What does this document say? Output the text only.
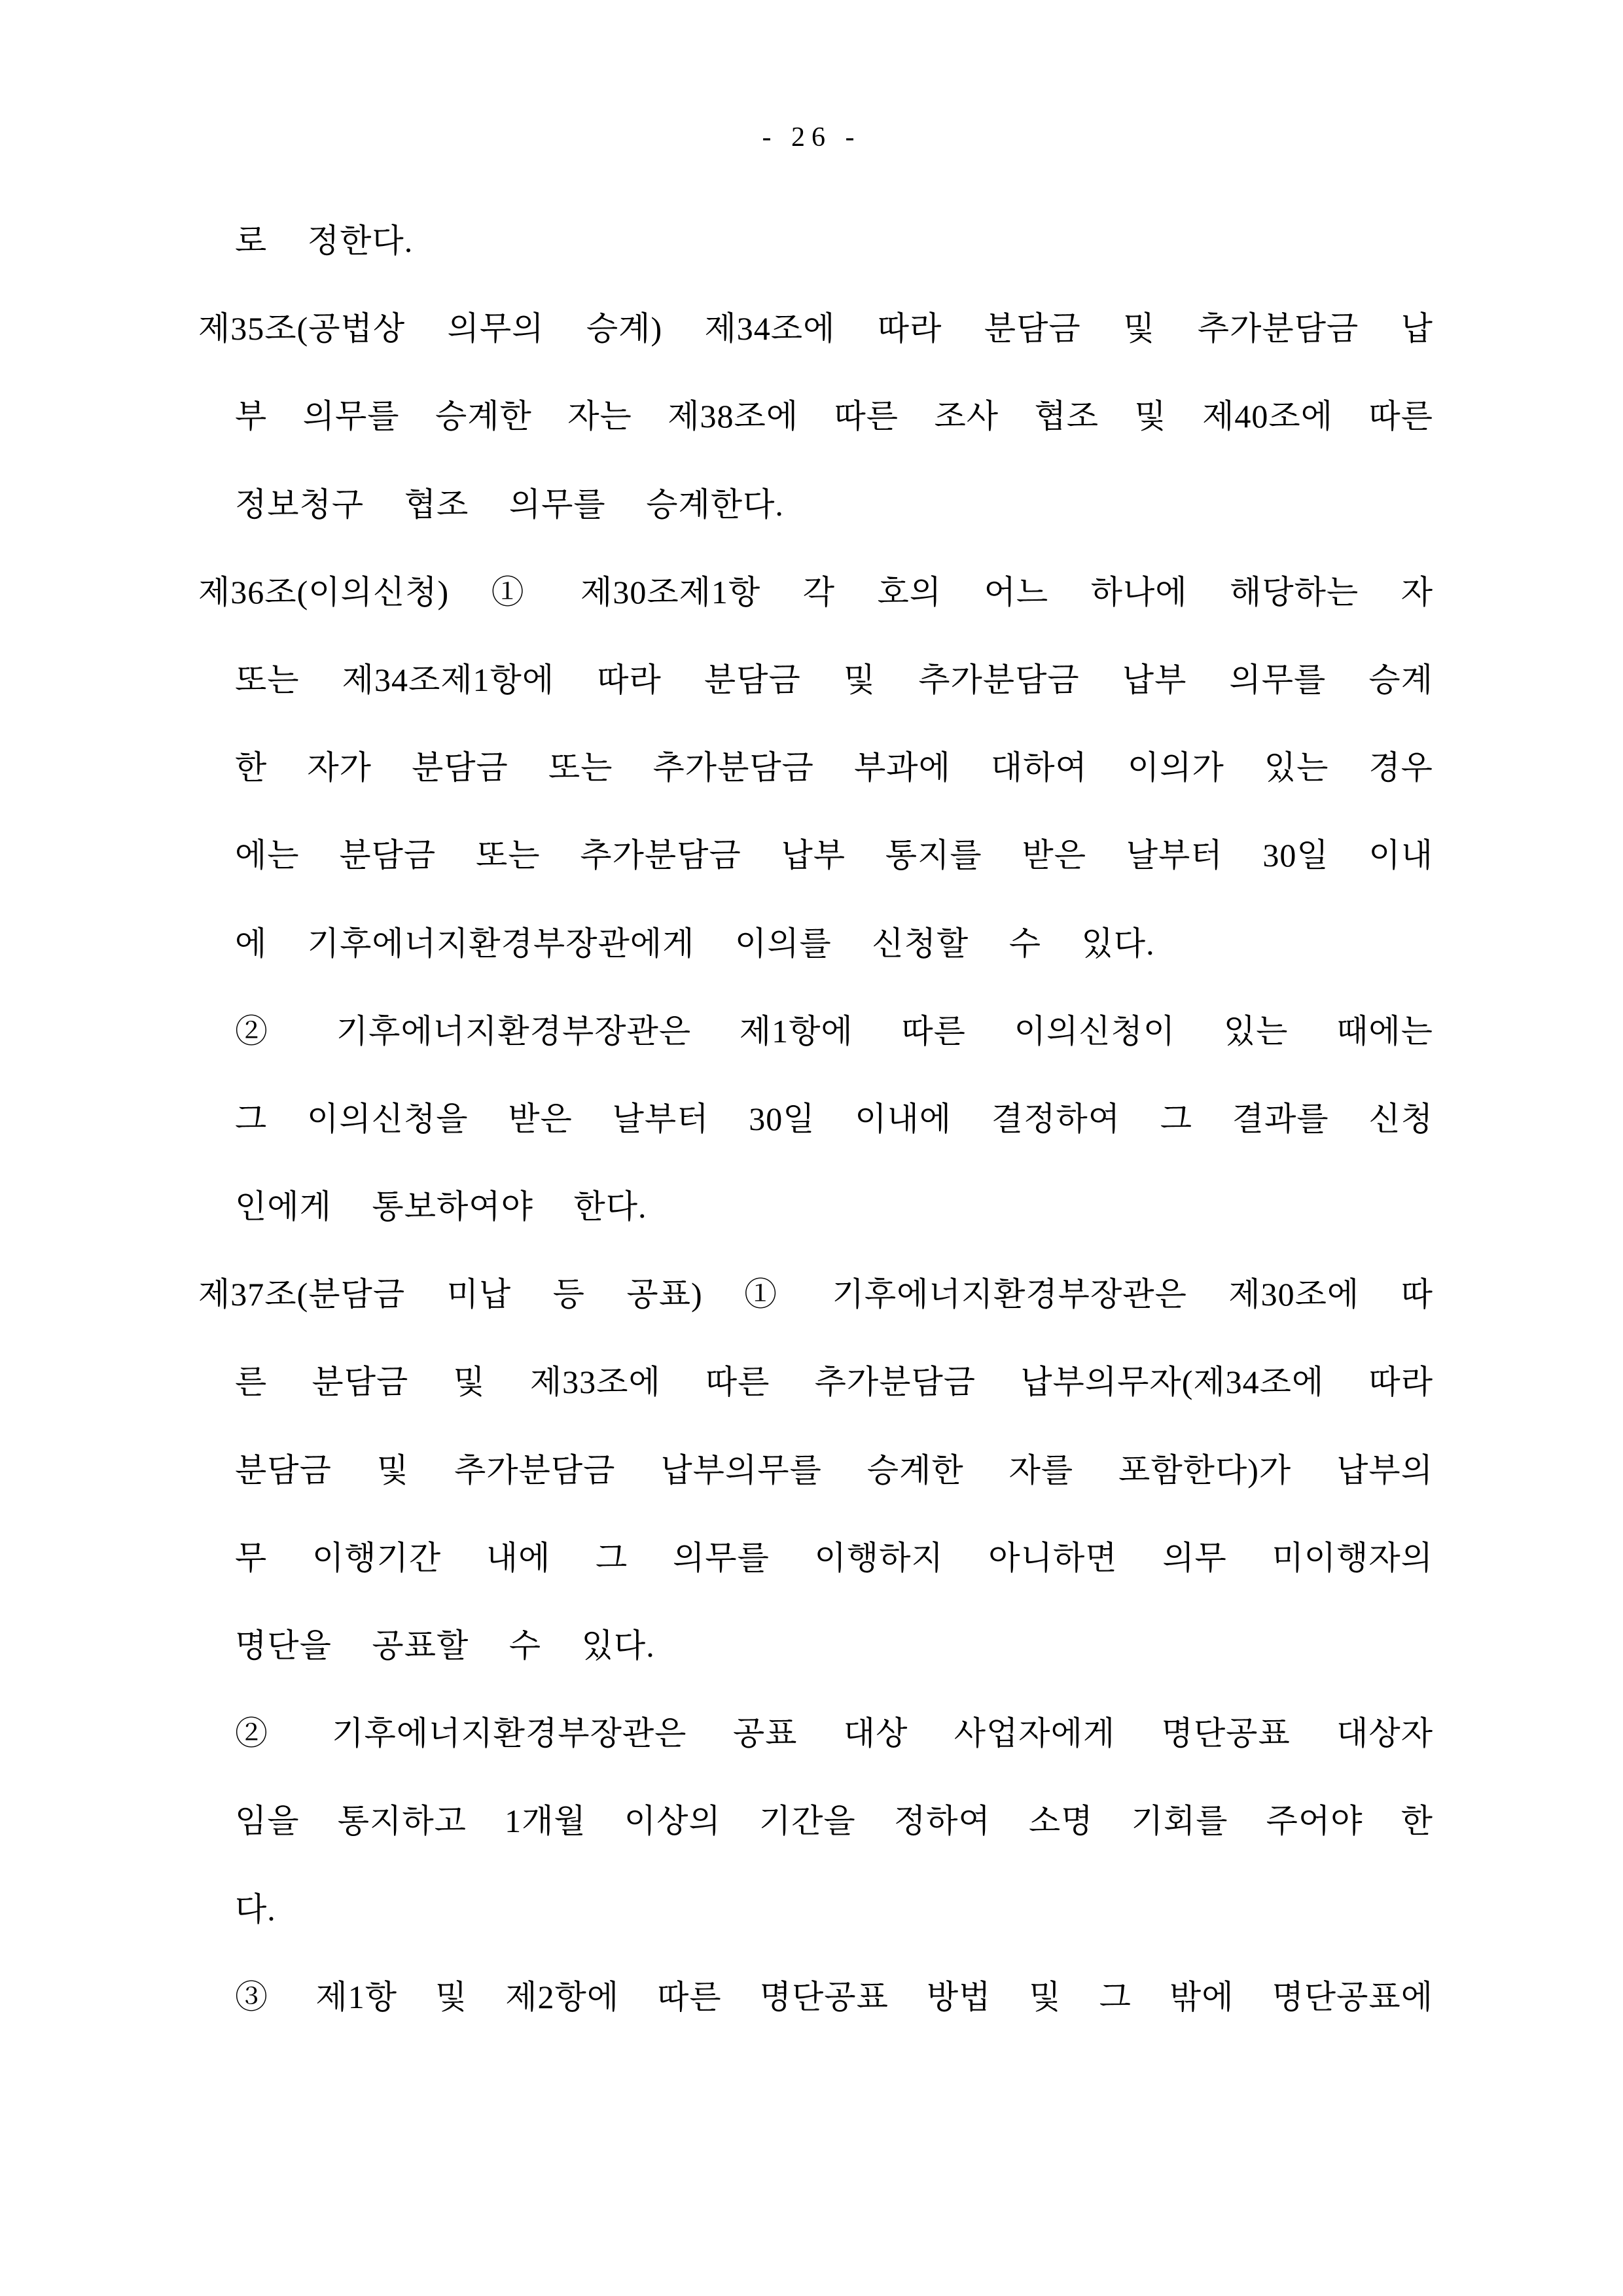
- 26 -
로 정한다.
제35조(공법상 의무의 승계) 제34조에 따라 분담금 및 추가분담금 납
부 의무를 승계한 자는 제38조에 따른 조사 협조 및 제40조에 따른
정보청구 협조 의무를 승계한다.
제36조(이의신청) ① 제30조제1항 각 호의 어느 하나에 해당하는 자
또는 제34조제1항에 따라 분담금 및 추가분담금 납부 의무를 승계
한 자가 분담금 또는 추가분담금 부과에 대하여 이의가 있는 경우
에는 분담금 또는 추가분담금 납부 통지를 받은 날부터 30일 이내
에 기후에너지환경부장관에게 이의를 신청할 수 있다.
② 기후에너지환경부장관은 제1항에 따른 이의신청이 있는 때에는
그 이의신청을 받은 날부터 30일 이내에 결정하여 그 결과를 신청
인에게 통보하여야 한다.
제37조(분담금 미납 등 공표) ① 기후에너지환경부장관은 제30조에 따
른 분담금 및 제33조에 따른 추가분담금 납부의무자(제34조에 따라
분담금 및 추가분담금 납부의무를 승계한 자를 포함한다)가 납부의
무 이행기간 내에 그 의무를 이행하지 아니하면 의무 미이행자의
명단을 공표할 수 있다.
② 기후에너지환경부장관은 공표 대상 사업자에게 명단공표 대상자
임을 통지하고 1개월 이상의 기간을 정하여 소명 기회를 주어야 한
다.
③ 제1항 및 제2항에 따른 명단공표 방법 및 그 밖에 명단공표에
